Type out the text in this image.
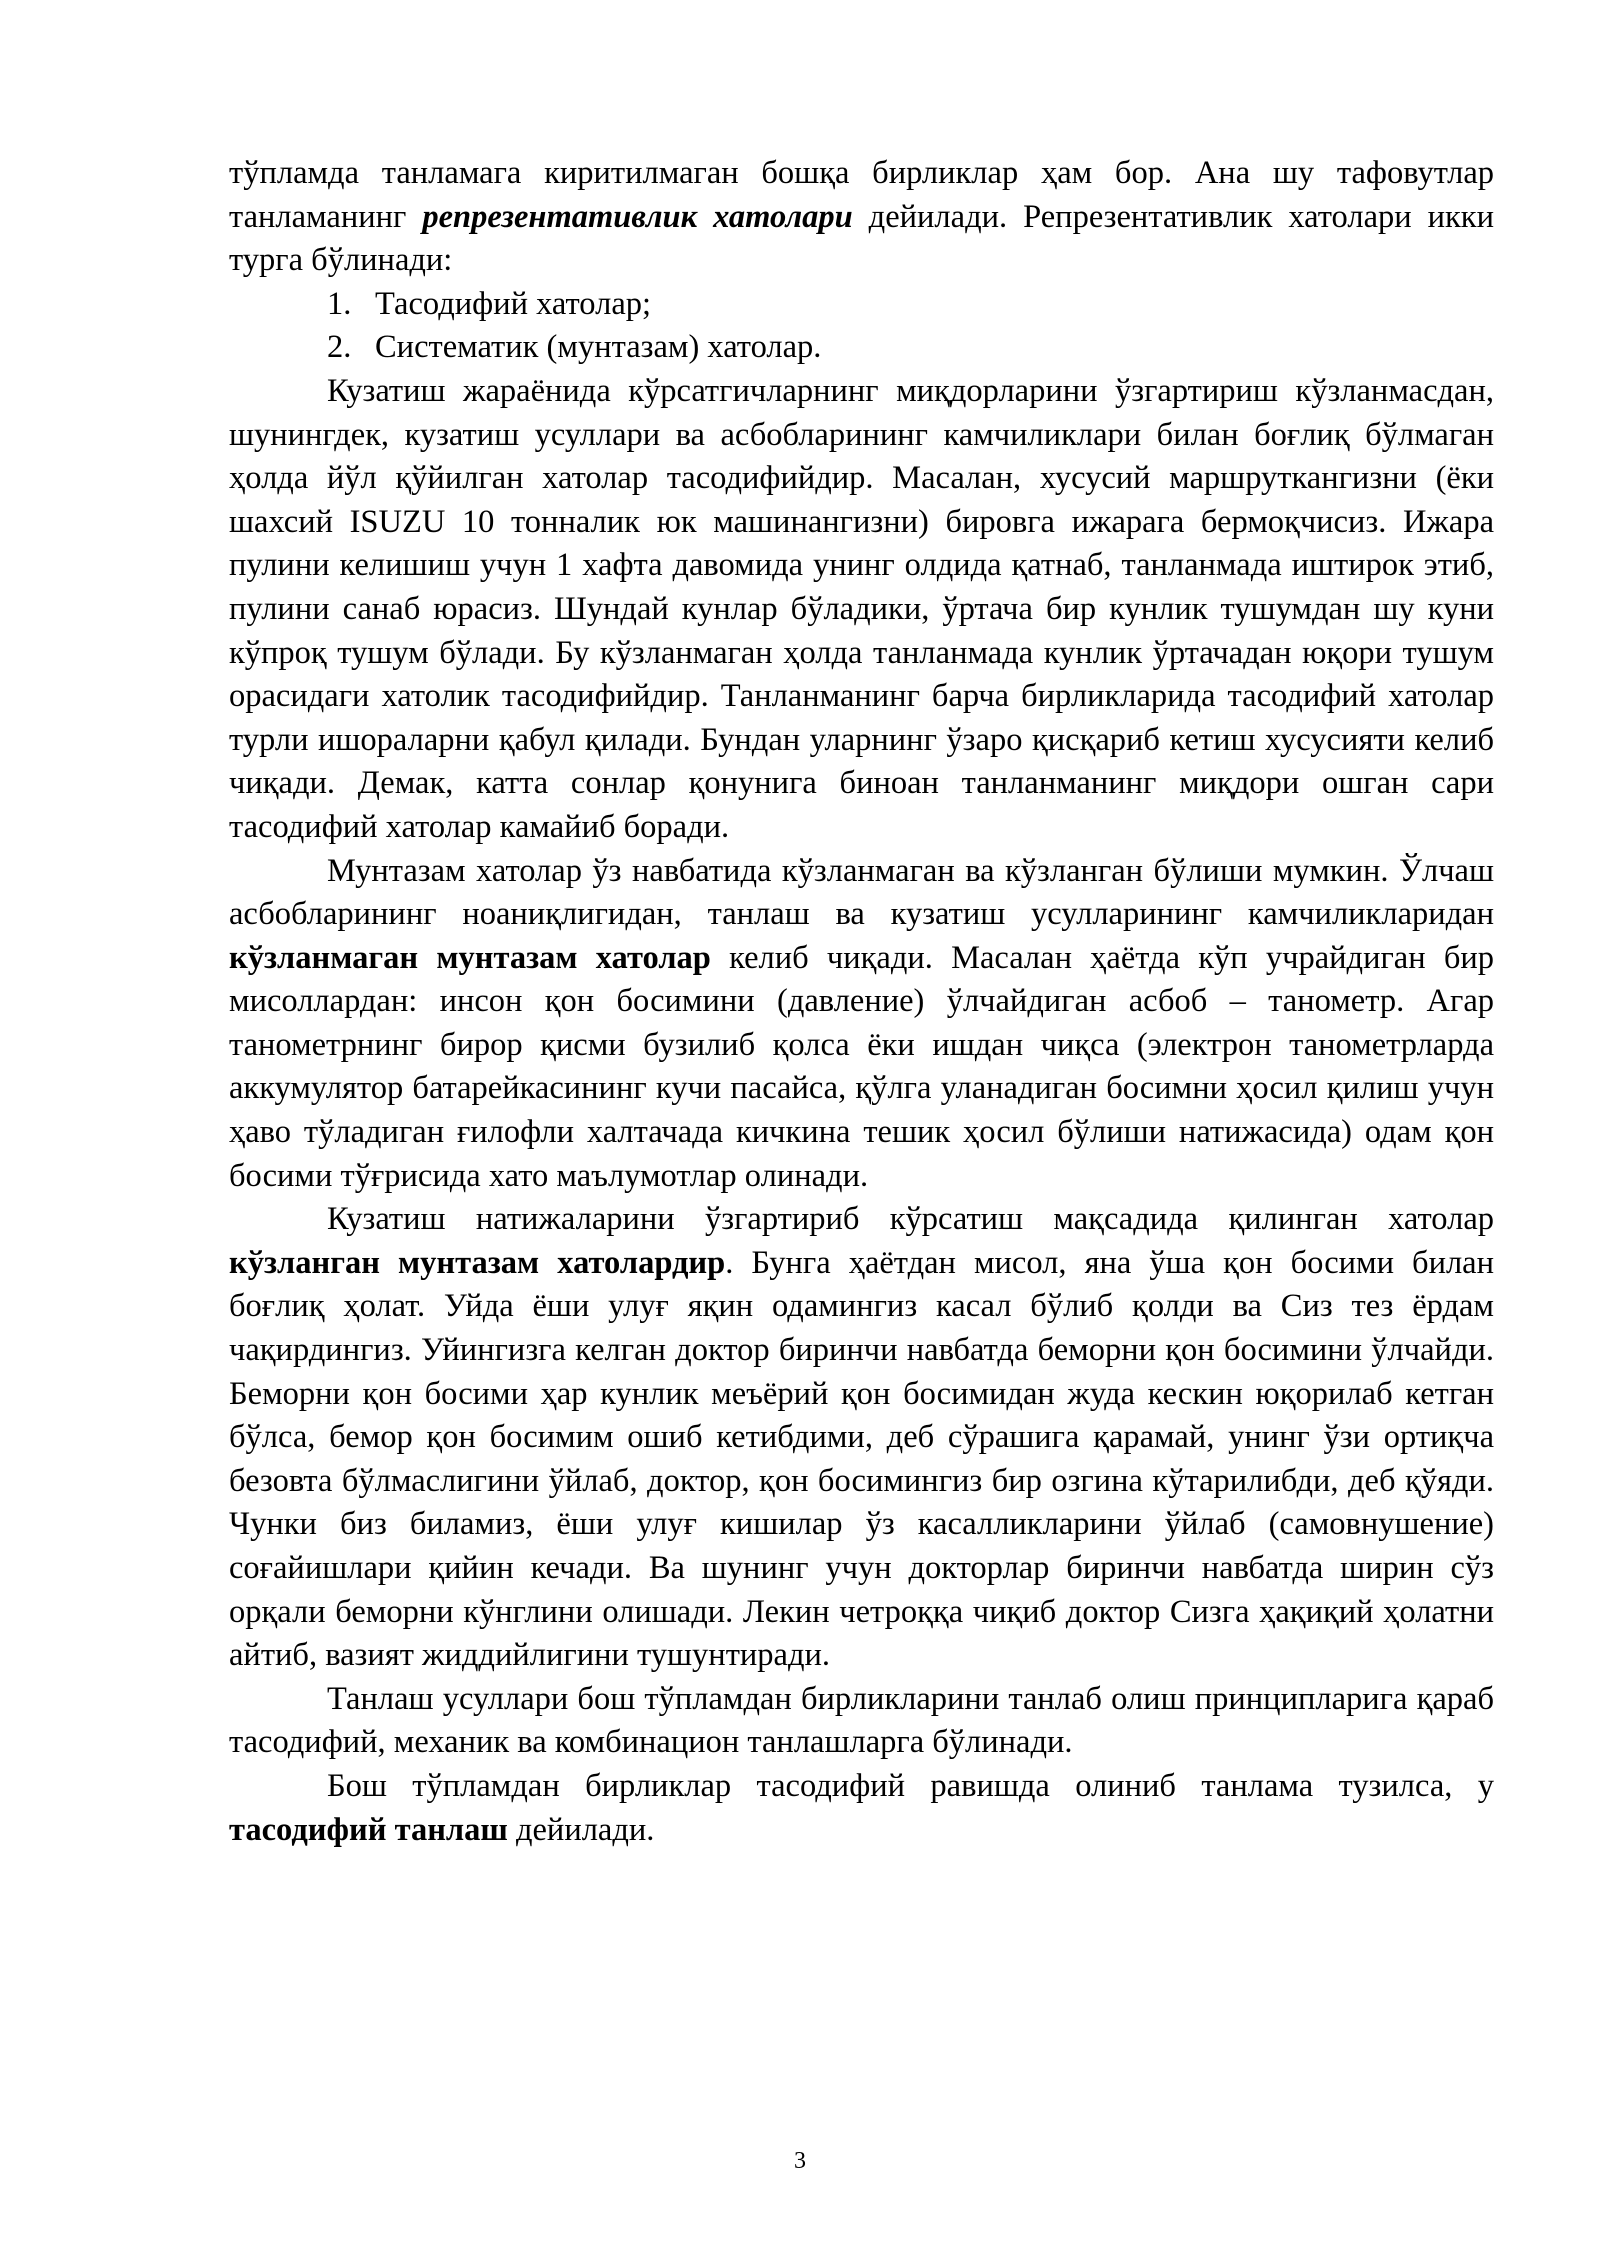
тўпламда танламага киритилмаган бошқа бирликлар ҳам бор. Ана шу тафовутлар танламанинг репрезентативлик хатолари дейилади. Репрезентативлик хатолари икки турга бўлинади:

1. Тасодифий хатолар;
2. Систематик (мунтазам) хатолар.

Кузатиш жараёнида кўрсатгичларнинг миқдорларини ўзгартириш кўзланмасдан, шунингдек, кузатиш усуллари ва асбобларининг камчиликлари билан боғлиқ бўлмаган ҳолда йўл қўйилган хатолар тасодифийдир. Масалан, хусусий маршруткангизни (ёки шахсий ISUZU 10 тонналик юк машинангизни) бировга ижарага бермоқчисиз. Ижара пулини келишиш учун 1 хафта давомида унинг олдида қатнаб, танланмада иштирок этиб, пулини санаб юрасиз. Шундай кунлар бўладики, ўртача бир кунлик тушумдан шу куни кўпроқ тушум бўлади. Бу кўзланмаган ҳолда танланмада кунлик ўртачадан юқори тушум орасидаги хатолик тасодифийдир. Танланманинг барча бирликларида тасодифий хатолар турли ишораларни қабул қилади. Бундан уларнинг ўзаро қисқариб кетиш хусусияти келиб чиқади. Демак, катта сонлар қонунига биноан танланманинг миқдори ошган сари тасодифий хатолар камайиб боради.

Мунтазам хатолар ўз навбатида кўзланмаган ва кўзланган бўлиши мумкин. Ўлчаш асбобларининг ноаниқлигидан, танлаш ва кузатиш усулларининг камчиликларидан кўзланмаган мунтазам хатолар келиб чиқади. Масалан ҳаётда кўп учрайдиган бир мисоллардан: инсон қон босимини (давление) ўлчайдиган асбоб – танометр. Агар танометрнинг бирор қисми бузилиб қолса ёки ишдан чиқса (электрон танометрларда аккумулятор батарейкасининг кучи пасайса, қўлга уланадиган босимни ҳосил қилиш учун ҳаво тўладиган ғилофли халтачада кичкина тешик ҳосил бўлиши натижасида) одам қон босими тўғрисида хато маълумотлар олинади.

Кузатиш натижаларини ўзгартириб кўрсатиш мақсадида қилинган хатолар кўзланган мунтазам хатолардир. Бунга ҳаётдан мисол, яна ўша қон босими билан боғлиқ ҳолат. Уйда ёши улуғ яқин одамингиз касал бўлиб қолди ва Сиз тез ёрдам чақирдингиз. Уйингизга келган доктор биринчи навбатда беморни қон босимини ўлчайди. Беморни қон босими ҳар кунлик меъёрий қон босимидан жуда кескин юқорилаб кетган бўлса, бемор қон босимим ошиб кетибдими, деб сўрашига қарамай, унинг ўзи ортиқча безовта бўлмаслигини ўйлаб, доктор, қон босимингиз бир озгина кўтарилибди, деб қўяди. Чунки биз биламиз, ёши улуғ кишилар ўз касалликларини ўйлаб (самовнушение) соғайишлари қийин кечади. Ва шунинг учун докторлар биринчи навбатда ширин сўз орқали беморни кўнглини олишади. Лекин четроққа чиқиб доктор Сизга ҳақиқий ҳолатни айтиб, вазият жиддийлигини тушунтиради.

Танлаш усуллари бош тўпламдан бирликларини танлаб олиш принципларига қараб тасодифий, механик ва комбинацион танлашларга бўлинади.

Бош тўпламдан бирликлар тасодифий равишда олиниб танлама тузилса, у тасодифий танлаш дейилади.

3
